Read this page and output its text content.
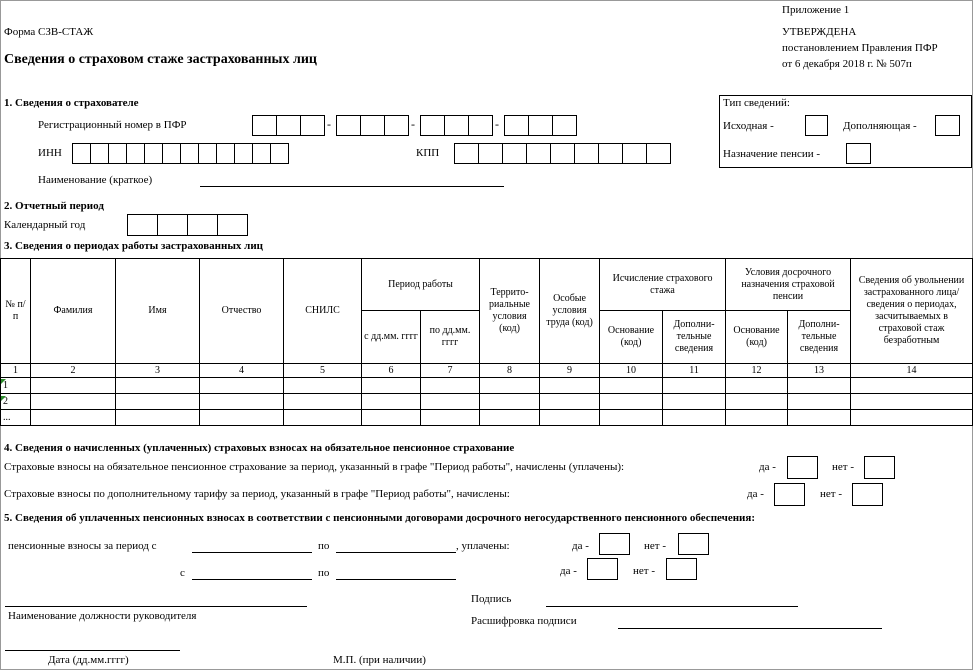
Форма СЗВ-СТАЖ
Сведения о страховом стаже застрахованных лиц
Приложение 1
УТВЕРЖДЕНА
постановлением Правления ПФР
от 6 декабря 2018 г. № 507п
1. Сведения о страхователе
Регистрационный номер в ПФР	-	-	-
ИНН	КПП
Наименование (краткое)
Тип сведений:
Исходная -	Дополняющая -
Назначение пенсии -
2. Отчетный период
Календарный год
3. Сведения о периодах работы застрахованных лиц
№ п/п	Фамилия	Имя	Отчество	СНИЛС	Период работы		Террито-риальные условия (код)	Особые условия труда (код)	Исчисление страхового стажа		Условия досрочного назначения страховой пенсии		Сведения об увольнении застрахованного лица/ сведения о периодах, засчитываемых в страховой стаж безработным
					с дд.мм. гггг	по дд.мм. гггг			Основание (код)	Дополни-тельные сведения	Основание (код)	Дополни-тельные сведения	
1	2	3	4	5	6	7	8	9	10	11	12	13	14
1													
2													
...													
4. Сведения о начисленных (уплаченных) страховых взносах на обязательное пенсионное страхование
Страховые взносы на обязательное пенсионное страхование за период, указанный в графе "Период работы", начислены (уплачены):	да -	нет -
Страховые взносы по дополнительному тарифу за период, указанный в графе "Период работы", начислены:	да -	нет -
5. Сведения об уплаченных пенсионных взносах в соответствии с пенсионными договорами досрочного негосударственного пенсионного обеспечения:
пенсионные взносы за период с	по	, уплачены:	да -	нет -
с	по	да -	нет -
Наименование должности руководителя
Подпись
Расшифровка подписи
Дата (дд.мм.гггг)	М.П. (при наличии)
